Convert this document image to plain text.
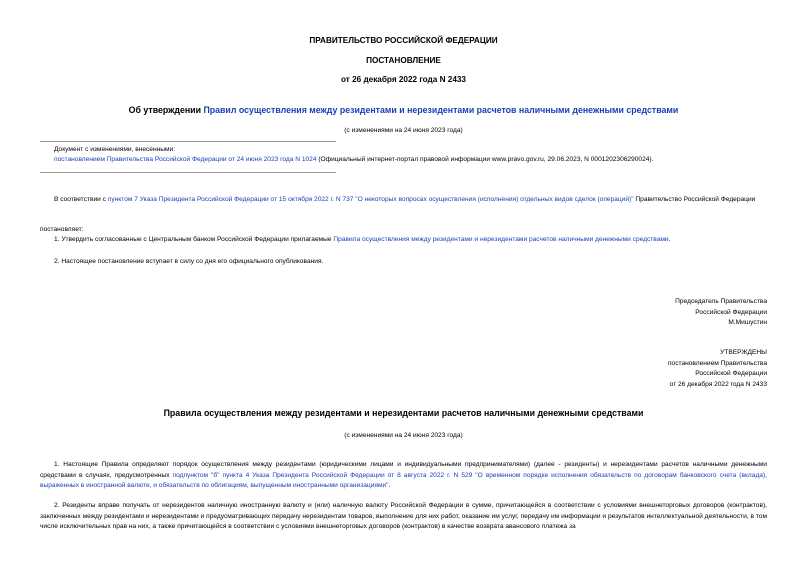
ПРАВИТЕЛЬСТВО РОССИЙСКОЙ ФЕДЕРАЦИИ
ПОСТАНОВЛЕНИЕ
от 26 декабря 2022 года N 2433
Об утверждении Правил осуществления между резидентами и нерезидентами расчетов наличными денежными средствами
(с изменениями на 24 июня 2023 года)
Документ с изменениями, внесенными:
постановлением Правительства Российской Федерации от 24 июня 2023 года N 1024 (Официальный интернет-портал правовой информации www.pravo.gov.ru, 29.06.2023, N 0001202306290024).
В соответствии с пунктом 7 Указа Президента Российской Федерации от 15 октября 2022 г. N 737 "О некоторых вопросах осуществления (исполнения) отдельных видов сделок (операций)" Правительство Российской Федерации
постановляет:
1. Утвердить согласованные с Центральным банком Российской Федерации прилагаемые Правила осуществления между резидентами и нерезидентами расчетов наличными денежными средствами.
2. Настоящее постановление вступает в силу со дня его официального опубликования.
Председатель Правительства
Российской Федерации
М.Мишустин
УТВЕРЖДЕНЫ
постановлением Правительства
Российской Федерации
от 26 декабря 2022 года N 2433
Правила осуществления между резидентами и нерезидентами расчетов наличными денежными средствами
(с изменениями на 24 июня 2023 года)
1. Настоящие Правила определяют порядок осуществления между резидентами (юридическими лицами и индивидуальными предпринимателями) (далее - резиденты) и нерезидентами расчетов наличными денежными средствами в случаях, предусмотренных подпунктом "б" пункта 4 Указа Президента Российской Федерации от 8 августа 2022 г. N 529 "О временном порядке исполнения обязательств по договорам банковского счета (вклада), выраженных в иностранной валюте, и обязательств по облигациям, выпущенным иностранными организациями".
2. Резиденты вправе получать от нерезидентов наличную иностранную валюту и (или) наличную валюту Российской Федерации в сумме, причитающейся в соответствии с условиями внешнеторговых договоров (контрактов), заключенных между резидентами и нерезидентами и предусматривающих передачу нерезидентам товаров, выполнение для них работ, оказание им услуг, передачу им информации и результатов интеллектуальной деятельности, в том числе исключительных прав на них, а также причитающейся в соответствии с условиями внешнеторговых договоров (контрактов) в качестве возврата авансового платежа за
